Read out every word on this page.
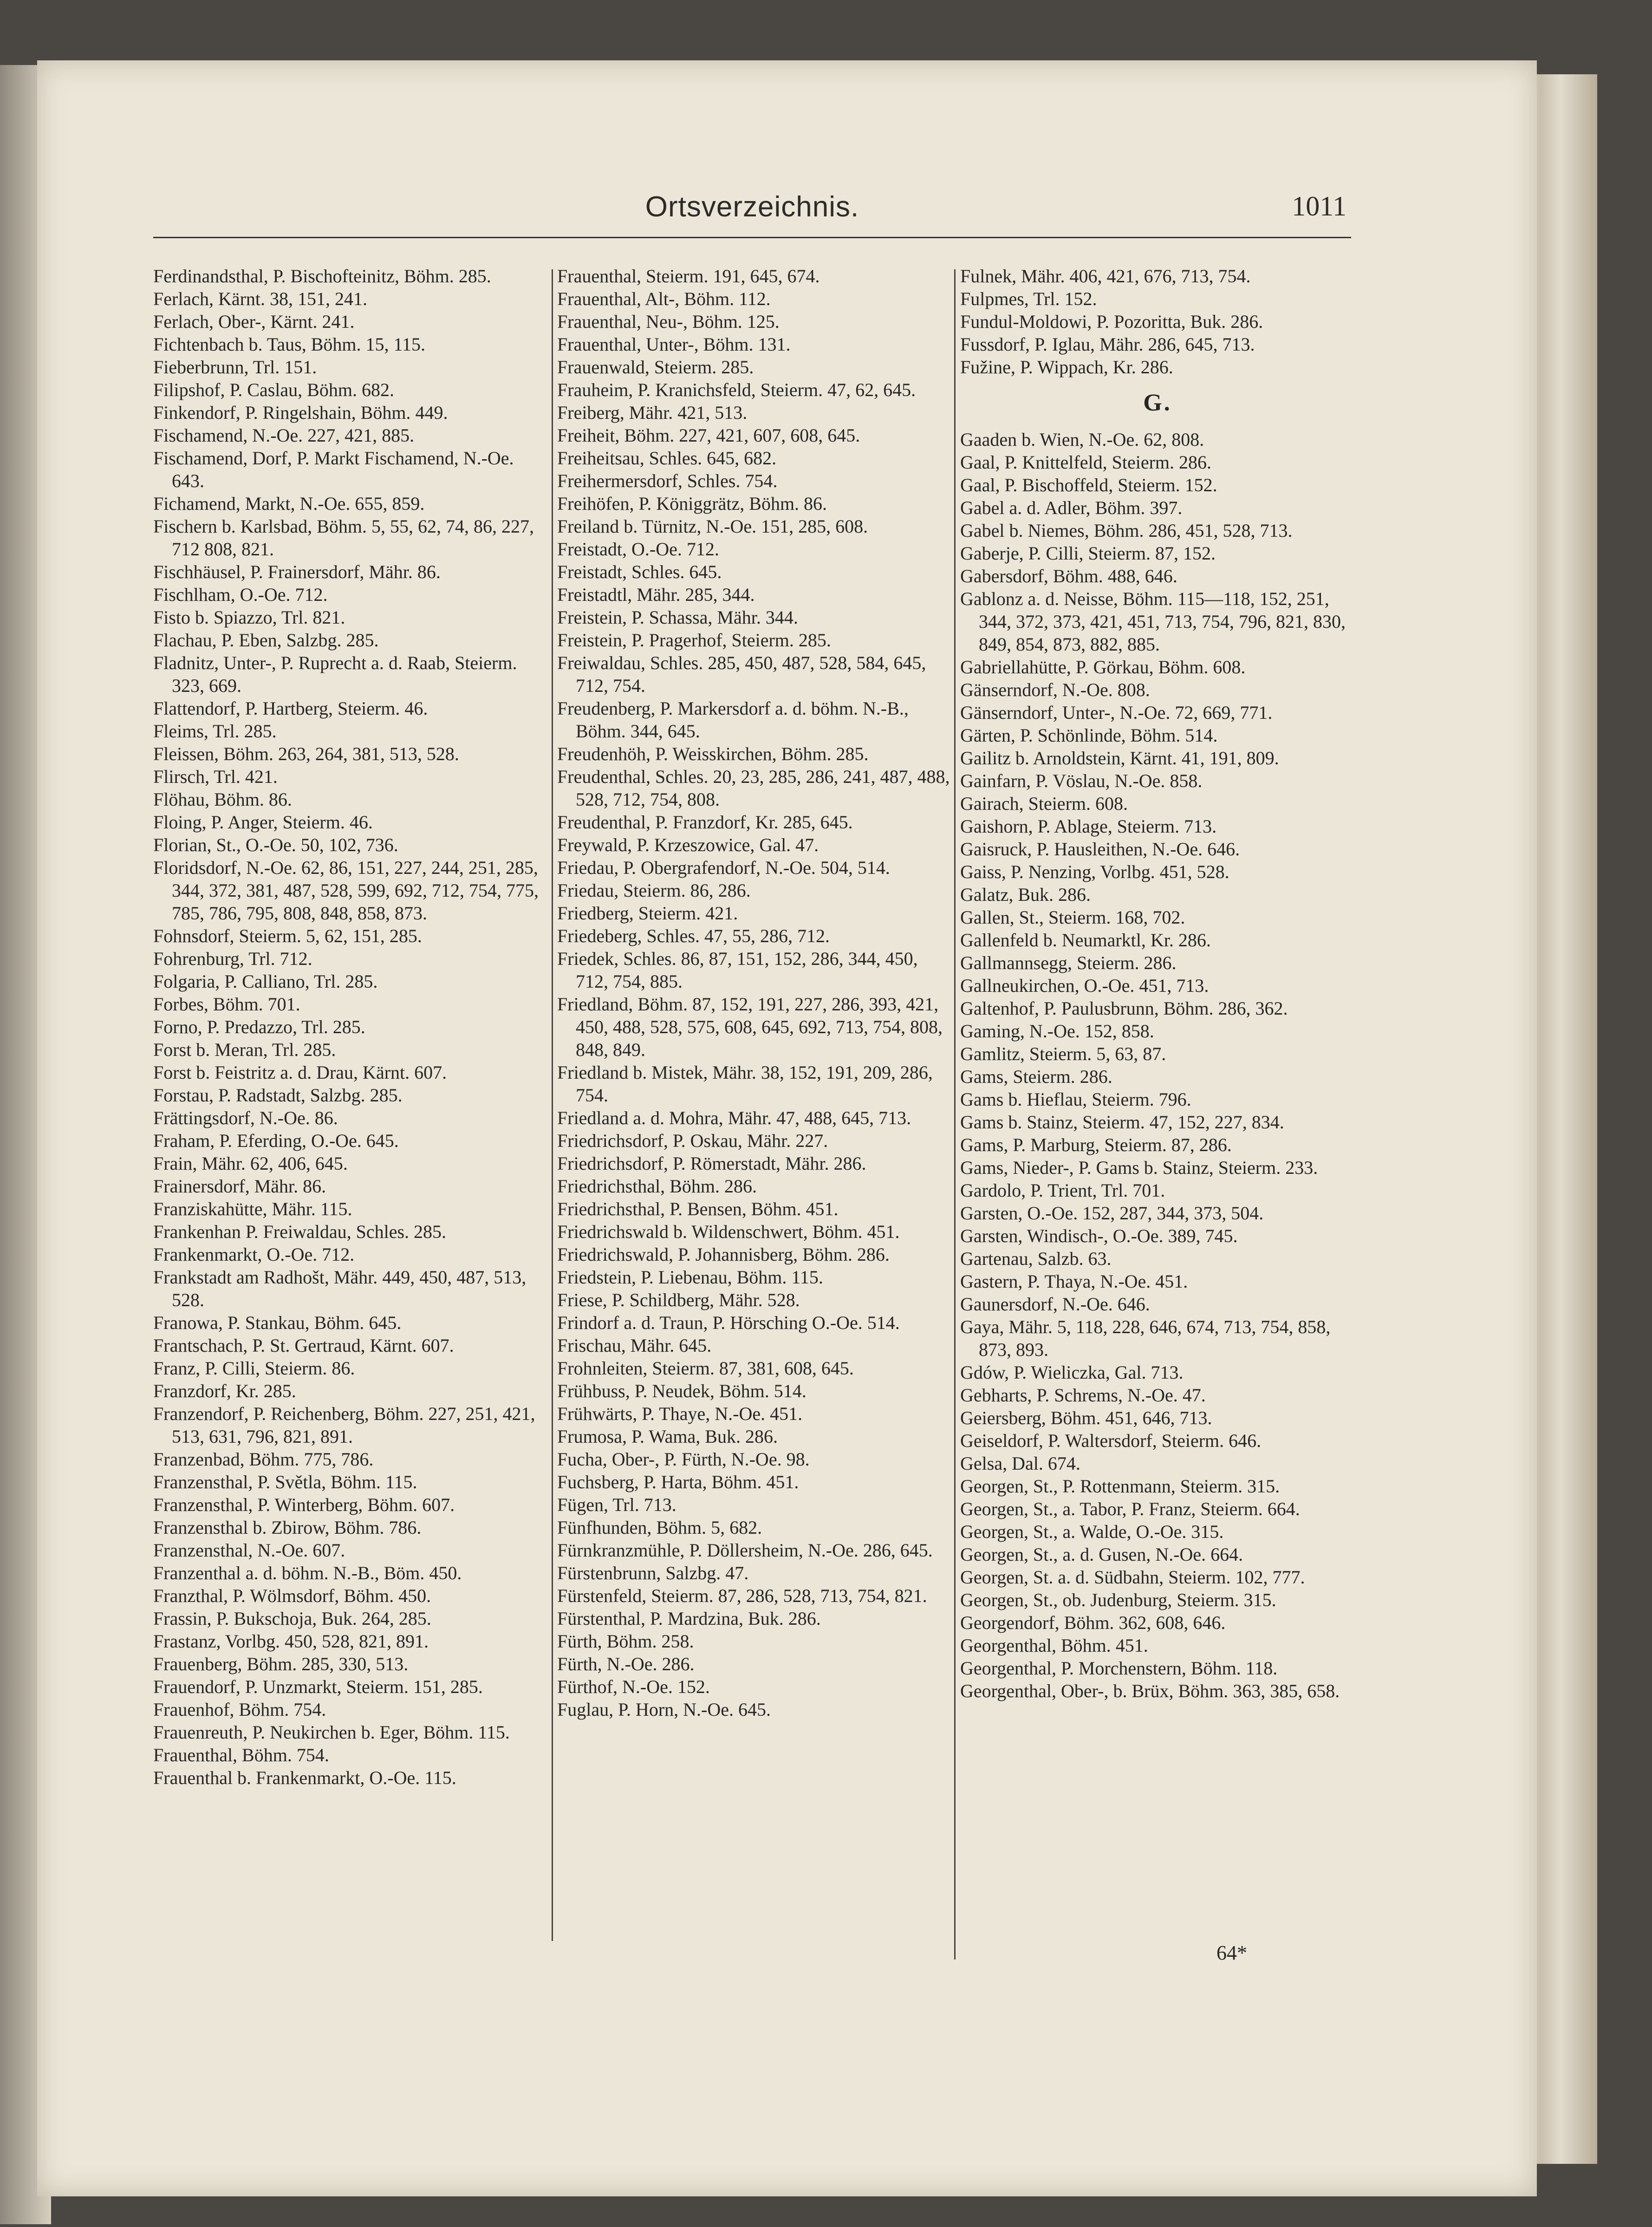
Ortsverzeichnis.	1011
Ferdinandsthal, P. Bischofteinitz, Böhm. 285.
Ferlach, Kärnt. 38, 151, 241.
Ferlach, Ober-, Kärnt. 241.
Fichtenbach b. Taus, Böhm. 15, 115.
Fieberbrunn, Trl. 151.
Filipshof, P. Caslau, Böhm. 682.
Finkendorf, P. Ringelshain, Böhm. 449.
Fischamend, N.-Oe. 227, 421, 885.
Fischamend, Dorf, P. Markt Fischamend, N.-Oe. 643.
Fichamend, Markt, N.-Oe. 655, 859.
Fischern b. Karlsbad, Böhm. 5, 55, 62, 74, 86, 227, 712 808, 821.
Fischhäusel, P. Frainersdorf, Mähr. 86.
Fischlham, O.-Oe. 712.
Fisto b. Spiazzo, Trl. 821.
Flachau, P. Eben, Salzbg. 285.
Fladnitz, Unter-, P. Ruprecht a. d. Raab, Steierm. 323, 669.
Flattendorf, P. Hartberg, Steierm. 46.
Fleims, Trl. 285.
Fleissen, Böhm. 263, 264, 381, 513, 528.
Flirsch, Trl. 421.
Flöhau, Böhm. 86.
Floing, P. Anger, Steierm. 46.
Florian, St., O.-Oe. 50, 102, 736.
Floridsdorf, N.-Oe. 62, 86, 151, 227, 244, 251, 285, 344, 372, 381, 487, 528, 599, 692, 712, 754, 775, 785, 786, 795, 808, 848, 858, 873.
Fohnsdorf, Steierm. 5, 62, 151, 285.
Fohrenburg, Trl. 712.
Folgaria, P. Calliano, Trl. 285.
Forbes, Böhm. 701.
Forno, P. Predazzo, Trl. 285.
Forst b. Meran, Trl. 285.
Forst b. Feistritz a. d. Drau, Kärnt. 607.
Forstau, P. Radstadt, Salzbg. 285.
Frättingsdorf, N.-Oe. 86.
Fraham, P. Eferding, O.-Oe. 645.
Frain, Mähr. 62, 406, 645.
Frainersdorf, Mähr. 86.
Franziskahütte, Mähr. 115.
Frankenhan P. Freiwaldau, Schles. 285.
Frankenmarkt, O.-Oe. 712.
Frankstadt am Radhošt, Mähr. 449, 450, 487, 513, 528.
Franowa, P. Stankau, Böhm. 645.
Frantschach, P. St. Gertraud, Kärnt. 607.
Franz, P. Cilli, Steierm. 86.
Franzdorf, Kr. 285.
Franzendorf, P. Reichenberg, Böhm. 227, 251, 421, 513, 631, 796, 821, 891.
Franzenbad, Böhm. 775, 786.
Franzensthal, P. Světla, Böhm. 115.
Franzensthal, P. Winterberg, Böhm. 607.
Franzensthal b. Zbirow, Böhm. 786.
Franzensthal, N.-Oe. 607.
Franzenthal a. d. böhm. N.-B., Böm. 450.
Franzthal, P. Wölmsdorf, Böhm. 450.
Frassin, P. Bukschoja, Buk. 264, 285.
Frastanz, Vorlbg. 450, 528, 821, 891.
Frauenberg, Böhm. 285, 330, 513.
Frauendorf, P. Unzmarkt, Steierm. 151, 285.
Frauenhof, Böhm. 754.
Frauenreuth, P. Neukirchen b. Eger, Böhm. 115.
Frauenthal, Böhm. 754.
Frauenthal b. Frankenmarkt, O.-Oe. 115.
Frauenthal, Steierm. 191, 645, 674.
Frauenthal, Alt-, Böhm. 112.
Frauenthal, Neu-, Böhm. 125.
Frauenthal, Unter-, Böhm. 131.
Frauenwald, Steierm. 285.
Frauheim, P. Kranichsfeld, Steierm. 47, 62, 645.
Freiberg, Mähr. 421, 513.
Freiheit, Böhm. 227, 421, 607, 608, 645.
Freiheitsau, Schles. 645, 682.
Freihermersdorf, Schles. 754.
Freihöfen, P. Königgrätz, Böhm. 86.
Freiland b. Türnitz, N.-Oe. 151, 285, 608.
Freistadt, O.-Oe. 712.
Freistadt, Schles. 645.
Freistadtl, Mähr. 285, 344.
Freistein, P. Schassa, Mähr. 344.
Freistein, P. Pragerhof, Steierm. 285.
Freiwaldau, Schles. 285, 450, 487, 528, 584, 645, 712, 754.
Freudenberg, P. Markersdorf a. d. böhm. N.-B., Böhm. 344, 645.
Freudenhöh, P. Weisskirchen, Böhm. 285.
Freudenthal, Schles. 20, 23, 285, 286, 241, 487, 488, 528, 712, 754, 808.
Freudenthal, P. Franzdorf, Kr. 285, 645.
Freywald, P. Krzeszowice, Gal. 47.
Friedau, P. Obergrafendorf, N.-Oe. 504, 514.
Friedau, Steierm. 86, 286.
Friedberg, Steierm. 421.
Friedeberg, Schles. 47, 55, 286, 712.
Friedek, Schles. 86, 87, 151, 152, 286, 344, 450, 712, 754, 885.
Friedland, Böhm. 87, 152, 191, 227, 286, 393, 421, 450, 488, 528, 575, 608, 645, 692, 713, 754, 808, 848, 849.
Friedland b. Mistek, Mähr. 38, 152, 191, 209, 286, 754.
Friedland a. d. Mohra, Mähr. 47, 488, 645, 713.
Friedrichsdorf, P. Oskau, Mähr. 227.
Friedrichsdorf, P. Römerstadt, Mähr. 286.
Friedrichsthal, Böhm. 286.
Friedrichsthal, P. Bensen, Böhm. 451.
Friedrichswald b. Wildenschwert, Böhm. 451.
Friedrichswald, P. Johannisberg, Böhm. 286.
Friedstein, P. Liebenau, Böhm. 115.
Friese, P. Schildberg, Mähr. 528.
Frindorf a. d. Traun, P. Hörsching O.-Oe. 514.
Frischau, Mähr. 645.
Frohnleiten, Steierm. 87, 381, 608, 645.
Frühbuss, P. Neudek, Böhm. 514.
Frühwärts, P. Thaye, N.-Oe. 451.
Frumosa, P. Wama, Buk. 286.
Fucha, Ober-, P. Fürth, N.-Oe. 98.
Fuchsberg, P. Harta, Böhm. 451.
Fügen, Trl. 713.
Fünfhunden, Böhm. 5, 682.
Fürnkranzmühle, P. Döllersheim, N.-Oe. 286, 645.
Fürstenbrunn, Salzbg. 47.
Fürstenfeld, Steierm. 87, 286, 528, 713, 754, 821.
Fürstenthal, P. Mardzina, Buk. 286.
Fürth, Böhm. 258.
Fürth, N.-Oe. 286.
Fürthof, N.-Oe. 152.
Fuglau, P. Horn, N.-Oe. 645.
Fulnek, Mähr. 406, 421, 676, 713, 754.
Fulpmes, Trl. 152.
Fundul-Moldowi, P. Pozoritta, Buk. 286.
Fussdorf, P. Iglau, Mähr. 286, 645, 713.
Fužine, P. Wippach, Kr. 286.
G.
Gaaden b. Wien, N.-Oe. 62, 808.
Gaal, P. Knittelfeld, Steierm. 286.
Gaal, P. Bischoffeld, Steierm. 152.
Gabel a. d. Adler, Böhm. 397.
Gabel b. Niemes, Böhm. 286, 451, 528, 713.
Gaberje, P. Cilli, Steierm. 87, 152.
Gabersdorf, Böhm. 488, 646.
Gablonz a. d. Neisse, Böhm. 115—118, 152, 251, 344, 372, 373, 421, 451, 713, 754, 796, 821, 830, 849, 854, 873, 882, 885.
Gabriellahütte, P. Görkau, Böhm. 608.
Gänserndorf, N.-Oe. 808.
Gänserndorf, Unter-, N.-Oe. 72, 669, 771.
Gärten, P. Schönlinde, Böhm. 514.
Gailitz b. Arnoldstein, Kärnt. 41, 191, 809.
Gainfarn, P. Vöslau, N.-Oe. 858.
Gairach, Steierm. 608.
Gaishorn, P. Ablage, Steierm. 713.
Gaisruck, P. Hausleithen, N.-Oe. 646.
Gaiss, P. Nenzing, Vorlbg. 451, 528.
Galatz, Buk. 286.
Gallen, St., Steierm. 168, 702.
Gallenfeld b. Neumarktl, Kr. 286.
Gallmannsegg, Steierm. 286.
Gallneukirchen, O.-Oe. 451, 713.
Galtenhof, P. Paulusbrunn, Böhm. 286, 362.
Gaming, N.-Oe. 152, 858.
Gamlitz, Steierm. 5, 63, 87.
Gams, Steierm. 286.
Gams b. Hieflau, Steierm. 796.
Gams b. Stainz, Steierm. 47, 152, 227, 834.
Gams, P. Marburg, Steierm. 87, 286.
Gams, Nieder-, P. Gams b. Stainz, Steierm. 233.
Gardolo, P. Trient, Trl. 701.
Garsten, O.-Oe. 152, 287, 344, 373, 504.
Garsten, Windisch-, O.-Oe. 389, 745.
Gartenau, Salzb. 63.
Gastern, P. Thaya, N.-Oe. 451.
Gaunersdorf, N.-Oe. 646.
Gaya, Mähr. 5, 118, 228, 646, 674, 713, 754, 858, 873, 893.
Gdów, P. Wieliczka, Gal. 713.
Gebharts, P. Schrems, N.-Oe. 47.
Geiersberg, Böhm. 451, 646, 713.
Geiseldorf, P. Waltersdorf, Steierm. 646.
Gelsa, Dal. 674.
Georgen, St., P. Rottenmann, Steierm. 315.
Georgen, St., a. Tabor, P. Franz, Steierm. 664.
Georgen, St., a. Walde, O.-Oe. 315.
Georgen, St., a. d. Gusen, N.-Oe. 664.
Georgen, St. a. d. Südbahn, Steierm. 102, 777.
Georgen, St., ob. Judenburg, Steierm. 315.
Georgendorf, Böhm. 362, 608, 646.
Georgenthal, Böhm. 451.
Georgenthal, P. Morchenstern, Böhm. 118.
Georgenthal, Ober-, b. Brüx, Böhm. 363, 385, 658.
64*
